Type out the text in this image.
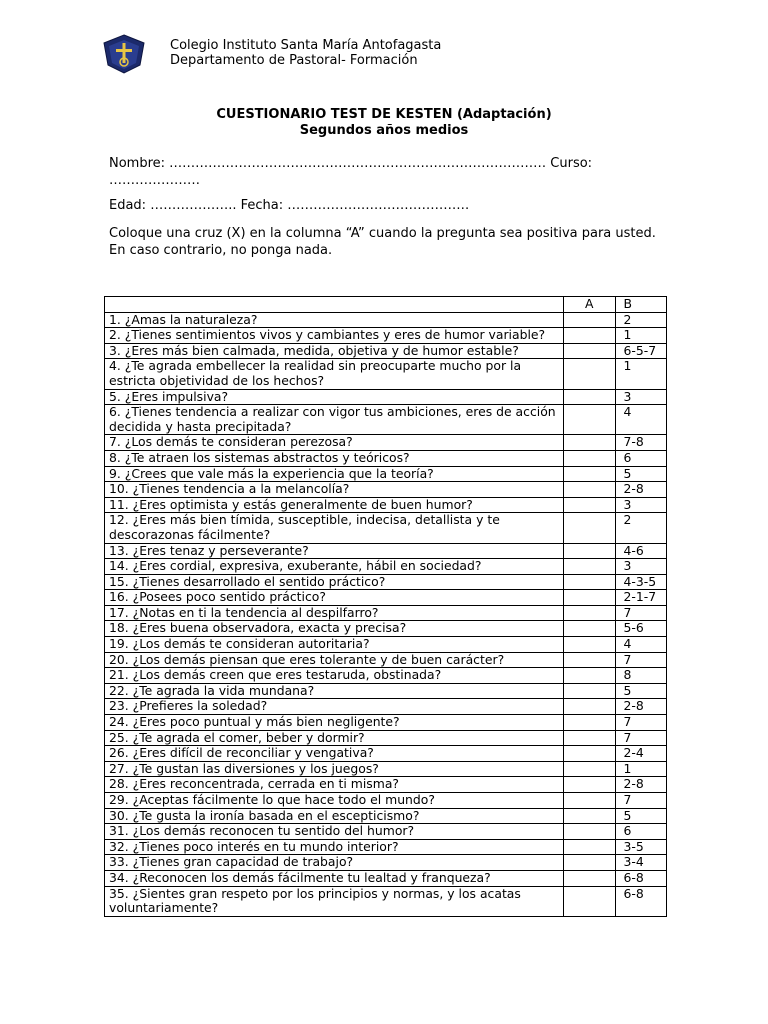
Colegio Instituto Santa María Antofagasta
Departamento de Pastoral- Formación
CUESTIONARIO TEST DE KESTEN (Adaptación)
Segundos años medios
Nombre: …………………………………………………………………………… Curso:
…………………
Edad: ……………….. Fecha: ……………………………………
Coloque una cruz (X) en la columna “A” cuando la pregunta sea positiva para usted. En caso contrario, no ponga nada.
	A	B
1. ¿Amas la naturaleza?		2
2. ¿Tienes sentimientos vivos y cambiantes y eres de humor variable?		1
3. ¿Eres más bien calmada, medida, objetiva y de humor estable?		6-5-7
4. ¿Te agrada embellecer la realidad sin preocuparte mucho por la estricta objetividad de los hechos?		1
5. ¿Eres impulsiva?		3
6. ¿Tienes tendencia a realizar con vigor tus ambiciones, eres de acción decidida y hasta precipitada?		4
7. ¿Los demás te consideran perezosa?		7-8
8. ¿Te atraen los sistemas abstractos y teóricos?		6
9. ¿Crees que vale más la experiencia que la teoría?		5
10. ¿Tienes tendencia a la melancolía?		2-8
11. ¿Eres optimista y estás generalmente de buen humor?		3
12. ¿Eres más bien tímida, susceptible, indecisa, detallista y te descorazonas fácilmente?		2
13. ¿Eres tenaz y perseverante?		4-6
14. ¿Eres cordial, expresiva, exuberante, hábil en sociedad?		3
15. ¿Tienes desarrollado el sentido práctico?		4-3-5
16. ¿Posees poco sentido práctico?		2-1-7
17. ¿Notas en ti la tendencia al despilfarro?		7
18. ¿Eres buena observadora, exacta y precisa?		5-6
19. ¿Los demás te consideran autoritaria?		4
20. ¿Los demás piensan que eres tolerante y de buen carácter?		7
21. ¿Los demás creen que eres testaruda, obstinada?		8
22. ¿Te agrada la vida mundana?		5
23. ¿Prefieres la soledad?		2-8
24. ¿Eres poco puntual y más bien negligente?		7
25. ¿Te agrada el comer, beber y dormir?		7
26. ¿Eres difícil de reconciliar y vengativa?		2-4
27. ¿Te gustan las diversiones y los juegos?		1
28. ¿Eres reconcentrada, cerrada en ti misma?		2-8
29. ¿Aceptas fácilmente lo que hace todo el mundo?		7
30. ¿Te gusta la ironía basada en el escepticismo?		5
31. ¿Los demás reconocen tu sentido del humor?		6
32. ¿Tienes poco interés en tu mundo interior?		3-5
33. ¿Tienes gran capacidad de trabajo?		3-4
34. ¿Reconocen los demás fácilmente tu lealtad y franqueza?		6-8
35. ¿Sientes gran respeto por los principios y normas, y los acatas voluntariamente?		6-8
